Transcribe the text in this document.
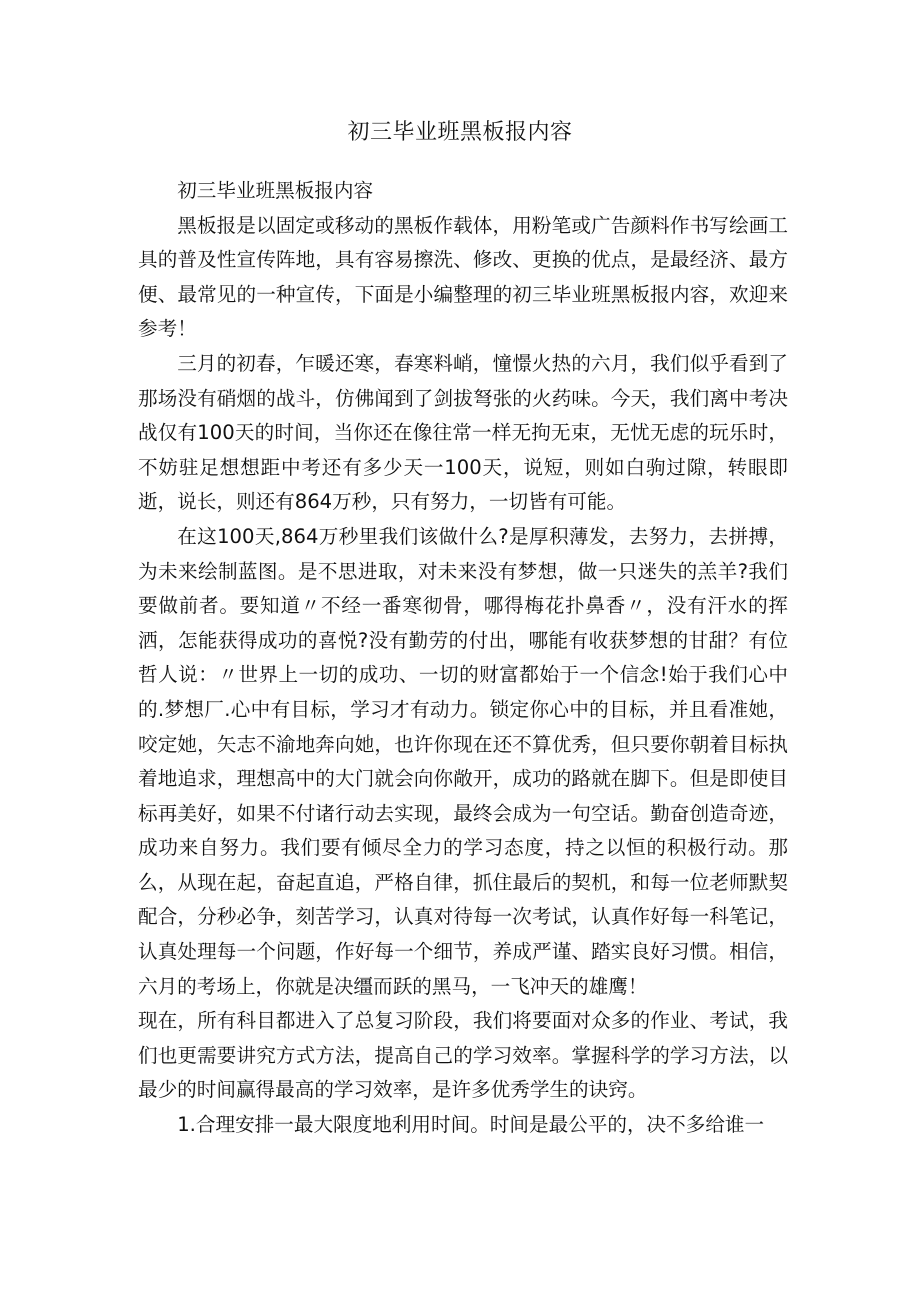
初三毕业班黑板报内容

初三毕业班黑板报内容

黑板报是以固定或移动的黑板作载体，用粉笔或广告颜料作书写绘画工具的普及性宣传阵地，具有容易擦洗、修改、更换的优点，是最经济、最方便、最常见的一种宣传，下面是小编整理的初三毕业班黑板报内容，欢迎来参考！

三月的初春，乍暖还寒，春寒料峭，憧憬火热的六月，我们似乎看到了那场没有硝烟的战斗，仿佛闻到了剑拔弩张的火药味。今天，我们离中考决战仅有100天的时间，当你还在像往常一样无拘无束，无忧无虑的玩乐时，不妨驻足想想距中考还有多少天一100天，说短，则如白驹过隙，转眼即逝，说长，则还有864万秒，只有努力，一切皆有可能。

在这100天,864万秒里我们该做什么?是厚积薄发，去努力，去拼搏，为未来绘制蓝图。是不思进取，对未来没有梦想，做一只迷失的羔羊?我们要做前者。要知道〃不经一番寒彻骨，哪得梅花扑鼻香〃，没有汗水的挥洒，怎能获得成功的喜悦?没有勤劳的付出，哪能有收获梦想的甘甜？有位哲人说：〃世界上一切的成功、一切的财富都始于一个信念!始于我们心中的.梦想厂.心中有目标，学习才有动力。锁定你心中的目标，并且看准她，咬定她，矢志不渝地奔向她，也许你现在还不算优秀，但只要你朝着目标执着地追求，理想高中的大门就会向你敞开，成功的路就在脚下。但是即使目标再美好，如果不付诸行动去实现，最终会成为一句空话。勤奋创造奇迹，成功来自努力。我们要有倾尽全力的学习态度，持之以恒的积极行动。那么，从现在起，奋起直追，严格自律，抓住最后的契机，和每一位老师默契配合，分秒必争，刻苦学习，认真对待每一次考试，认真作好每一科笔记，认真处理每一个问题，作好每一个细节，养成严谨、踏实良好习惯。相信，六月的考场上，你就是决缰而跃的黑马，一飞冲天的雄鹰！

现在，所有科目都进入了总复习阶段，我们将要面对众多的作业、考试，我们也更需要讲究方式方法，提高自己的学习效率。掌握科学的学习方法，以最少的时间赢得最高的学习效率，是许多优秀学生的诀窍。

1.合理安排一最大限度地利用时间。时间是最公平的，决不多给谁一
